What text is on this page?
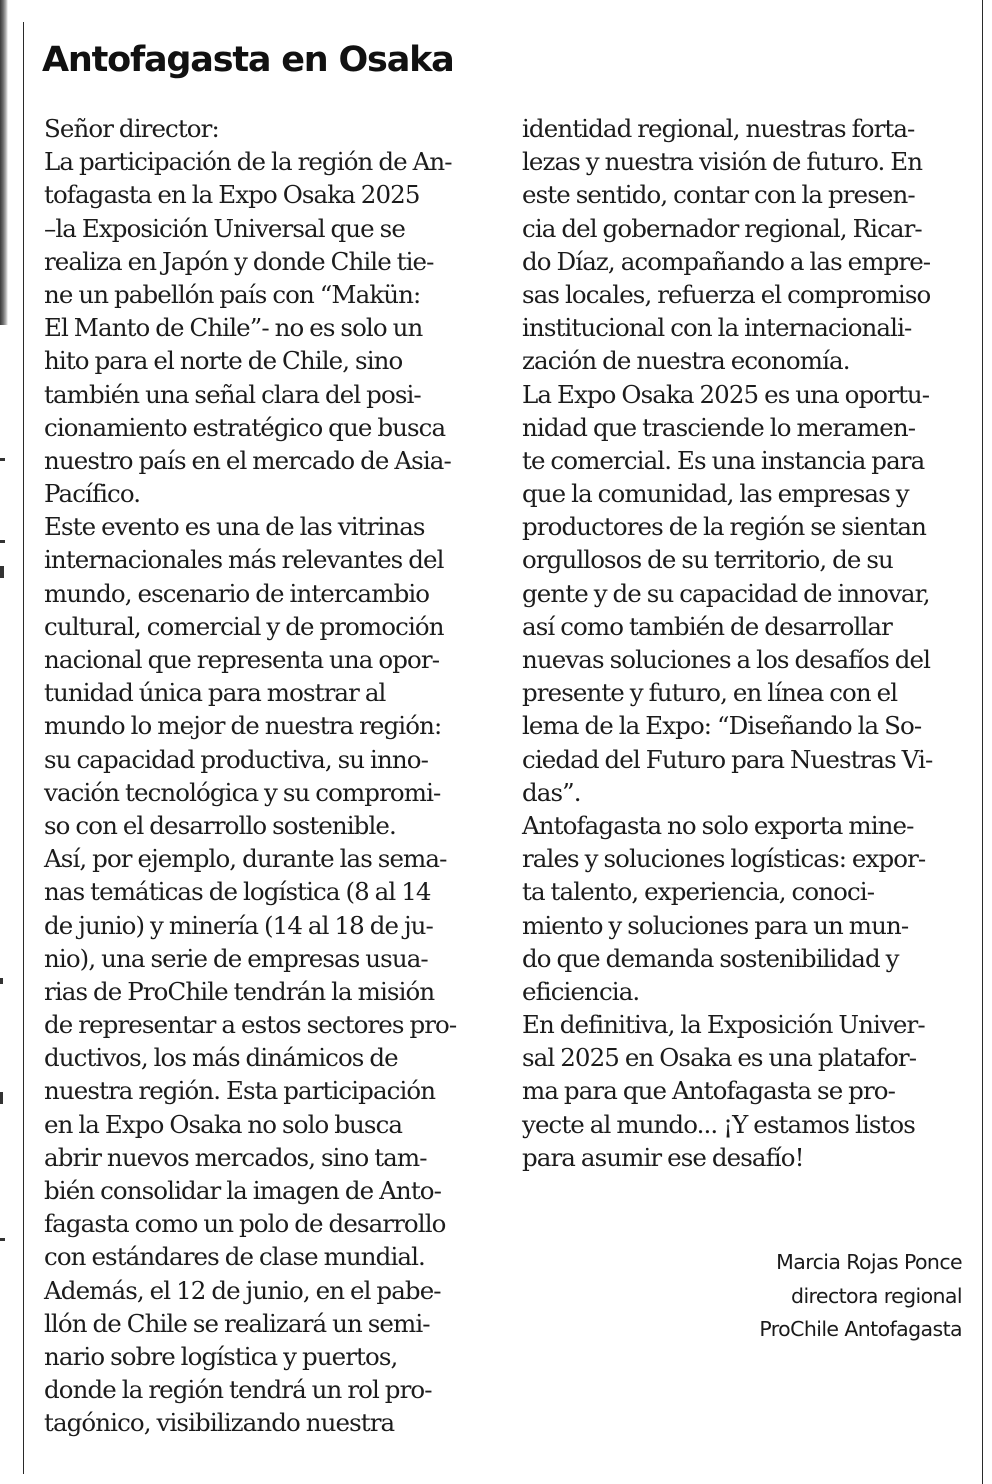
Antofagasta en Osaka
Señor director:
La participación de la región de An-
tofagasta en la Expo Osaka 2025
–la Exposición Universal que se
realiza en Japón y donde Chile tie-
ne un pabellón país con “Makün:
El Manto de Chile”- no es solo un
hito para el norte de Chile, sino
también una señal clara del posi-
cionamiento estratégico que busca
nuestro país en el mercado de Asia-
Pacífico.
Este evento es una de las vitrinas
internacionales más relevantes del
mundo, escenario de intercambio
cultural, comercial y de promoción
nacional que representa una opor-
tunidad única para mostrar al
mundo lo mejor de nuestra región:
su capacidad productiva, su inno-
vación tecnológica y su compromi-
so con el desarrollo sostenible.
Así, por ejemplo, durante las sema-
nas temáticas de logística (8 al 14
de junio) y minería (14 al 18 de ju-
nio), una serie de empresas usua-
rias de ProChile tendrán la misión
de representar a estos sectores pro-
ductivos, los más dinámicos de
nuestra región. Esta participación
en la Expo Osaka no solo busca
abrir nuevos mercados, sino tam-
bién consolidar la imagen de Anto-
fagasta como un polo de desarrollo
con estándares de clase mundial.
Además, el 12 de junio, en el pabe-
llón de Chile se realizará un semi-
nario sobre logística y puertos,
donde la región tendrá un rol pro-
tagónico, visibilizando nuestra
identidad regional, nuestras forta-
lezas y nuestra visión de futuro. En
este sentido, contar con la presen-
cia del gobernador regional, Ricar-
do Díaz, acompañando a las empre-
sas locales, refuerza el compromiso
institucional con la internacionali-
zación de nuestra economía.
La Expo Osaka 2025 es una oportu-
nidad que trasciende lo meramen-
te comercial. Es una instancia para
que la comunidad, las empresas y
productores de la región se sientan
orgullosos de su territorio, de su
gente y de su capacidad de innovar,
así como también de desarrollar
nuevas soluciones a los desafíos del
presente y futuro, en línea con el
lema de la Expo: “Diseñando la So-
ciedad del Futuro para Nuestras Vi-
das”.
Antofagasta no solo exporta mine-
rales y soluciones logísticas: expor-
ta talento, experiencia, conoci-
miento y soluciones para un mun-
do que demanda sostenibilidad y
eficiencia.
En definitiva, la Exposición Univer-
sal 2025 en Osaka es una platafor-
ma para que Antofagasta se pro-
yecte al mundo... ¡Y estamos listos
para asumir ese desafío!
Marcia Rojas Ponce
directora regional
ProChile Antofagasta
